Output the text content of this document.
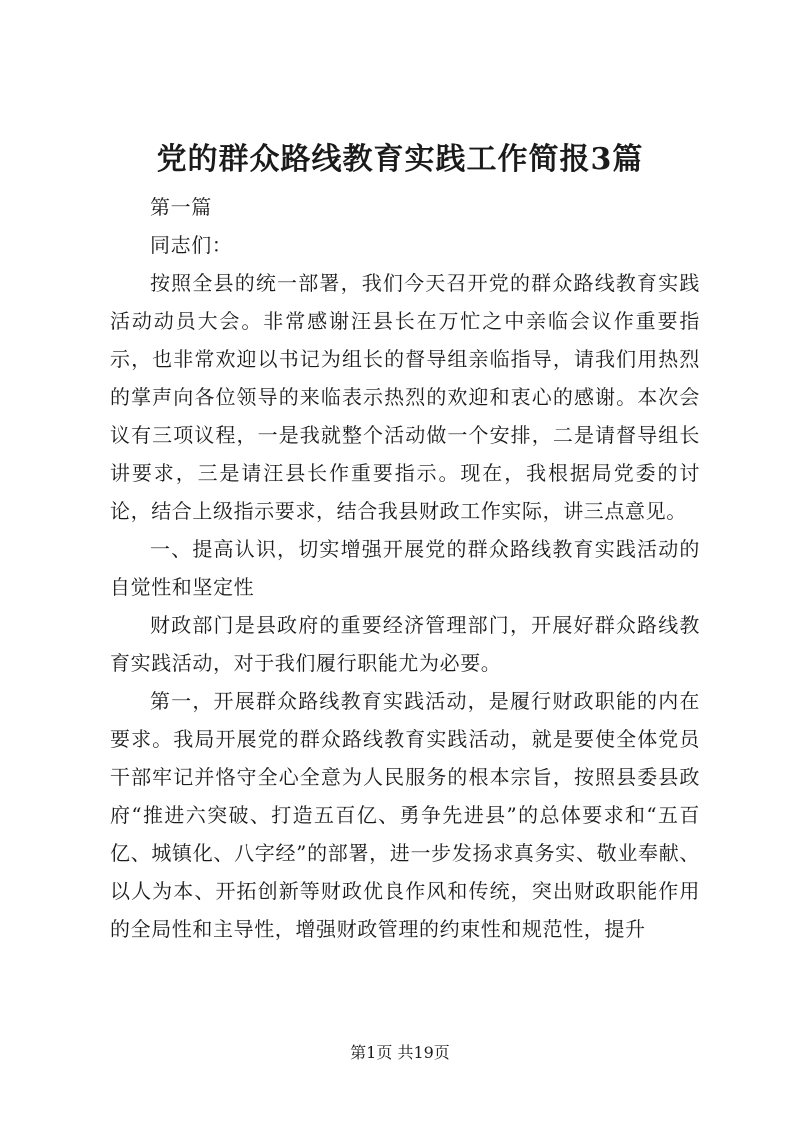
党的群众路线教育实践工作简报3篇

第一篇

同志们：

按照全县的统一部署，我们今天召开党的群众路线教育实践活动动员大会。非常感谢汪县长在万忙之中亲临会议作重要指示，也非常欢迎以书记为组长的督导组亲临指导，请我们用热烈的掌声向各位领导的来临表示热烈的欢迎和衷心的感谢。本次会议有三项议程，一是我就整个活动做一个安排，二是请督导组长讲要求，三是请汪县长作重要指示。现在，我根据局党委的讨论，结合上级指示要求，结合我县财政工作实际，讲三点意见。

一、提高认识，切实增强开展党的群众路线教育实践活动的自觉性和坚定性

财政部门是县政府的重要经济管理部门，开展好群众路线教育实践活动，对于我们履行职能尤为必要。

第一，开展群众路线教育实践活动，是履行财政职能的内在要求。我局开展党的群众路线教育实践活动，就是要使全体党员干部牢记并恪守全心全意为人民服务的根本宗旨，按照县委县政府“推进六突破、打造五百亿、勇争先进县”的总体要求和“五百亿、城镇化、八字经”的部署，进一步发扬求真务实、敬业奉献、以人为本、开拓创新等财政优良作风和传统，突出财政职能作用的全局性和主导性，增强财政管理的约束性和规范性，提升

第1页 共19页
